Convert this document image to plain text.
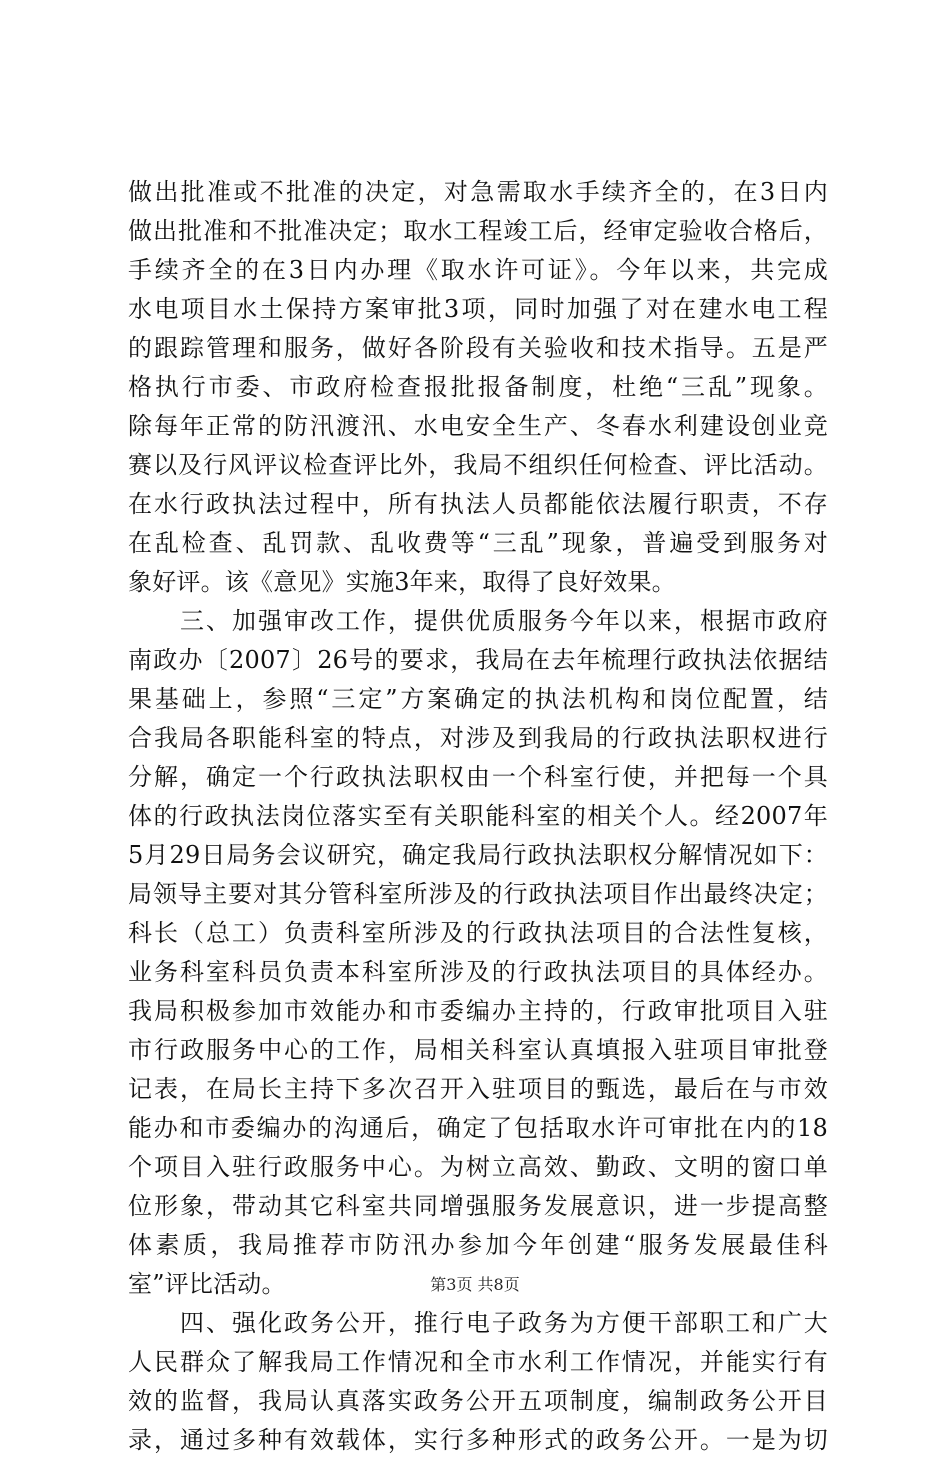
做出批准或不批准的决定，对急需取水手续齐全的，在3日内
做出批准和不批准决定；取水工程竣工后，经审定验收合格后，
手续齐全的在3日内办理《取水许可证》。今年以来，共完成
水电项目水土保持方案审批3项，同时加强了对在建水电工程
的跟踪管理和服务，做好各阶段有关验收和技术指导。五是严
格执行市委、市政府检查报批报备制度，杜绝“三乱”现象。
除每年正常的防汛渡汛、水电安全生产、冬春水利建设创业竞
赛以及行风评议检查评比外，我局不组织任何检查、评比活动。
在水行政执法过程中，所有执法人员都能依法履行职责，不存
在乱检查、乱罚款、乱收费等“三乱”现象，普遍受到服务对
象好评。该《意见》实施3年来，取得了良好效果。
　　三、加强审改工作，提供优质服务今年以来，根据市政府
南政办〔2007〕26号的要求，我局在去年梳理行政执法依据结
果基础上，参照“三定”方案确定的执法机构和岗位配置，结
合我局各职能科室的特点，对涉及到我局的行政执法职权进行
分解，确定一个行政执法职权由一个科室行使，并把每一个具
体的行政执法岗位落实至有关职能科室的相关个人。经2007年
5月29日局务会议研究，确定我局行政执法职权分解情况如下：
局领导主要对其分管科室所涉及的行政执法项目作出最终决定；
科长（总工）负责科室所涉及的行政执法项目的合法性复核，
业务科室科员负责本科室所涉及的行政执法项目的具体经办。
我局积极参加市效能办和市委编办主持的，行政审批项目入驻
市行政服务中心的工作，局相关科室认真填报入驻项目审批登
记表，在局长主持下多次召开入驻项目的甄选，最后在与市效
能办和市委编办的沟通后，确定了包括取水许可审批在内的18
个项目入驻行政服务中心。为树立高效、勤政、文明的窗口单
位形象，带动其它科室共同增强服务发展意识，进一步提高整
体素质，我局推荐市防汛办参加今年创建“服务发展最佳科
室”评比活动。
　　四、强化政务公开，推行电子政务为方便干部职工和广大
人民群众了解我局工作情况和全市水利工作情况，并能实行有
效的监督，我局认真落实政务公开五项制度，编制政务公开目
录，通过多种有效载体，实行多种形式的政务公开。一是为切
第3页 共8页
